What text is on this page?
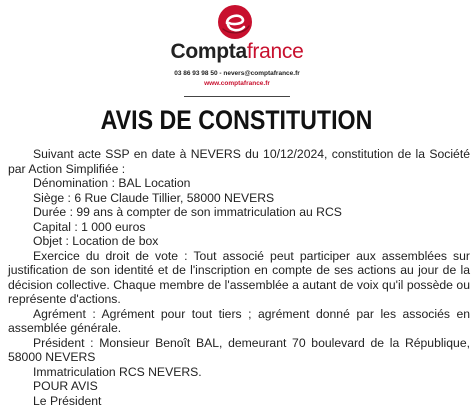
Comptafrance
03 86 93 98 50 - nevers@comptafrance.fr
www.comptafrance.fr
AVIS DE CONSTITUTION

Suivant acte SSP en date à NEVERS du 10/12/2024, constitution de la Société par Action Simplifiée :

Dénomination : BAL Location

Siège : 6 Rue Claude Tillier, 58000 NEVERS

Durée : 99 ans à compter de son immatriculation au RCS

Capital : 1 000 euros

Objet : Location de box

Exercice du droit de vote : Tout associé peut participer aux assemblées sur justification de son identité et de l'inscription en compte de ses actions au jour de la décision collective. Chaque membre de l'assemblée a autant de voix qu'il possède ou représente d'actions.

Agrément : Agrément pour tout tiers ; agrément donné par les associés en assemblée générale.

Président : Monsieur Benoît BAL, demeurant 70 boulevard de la République, 58000 NEVERS

Immatriculation RCS NEVERS.

POUR AVIS

Le Président
